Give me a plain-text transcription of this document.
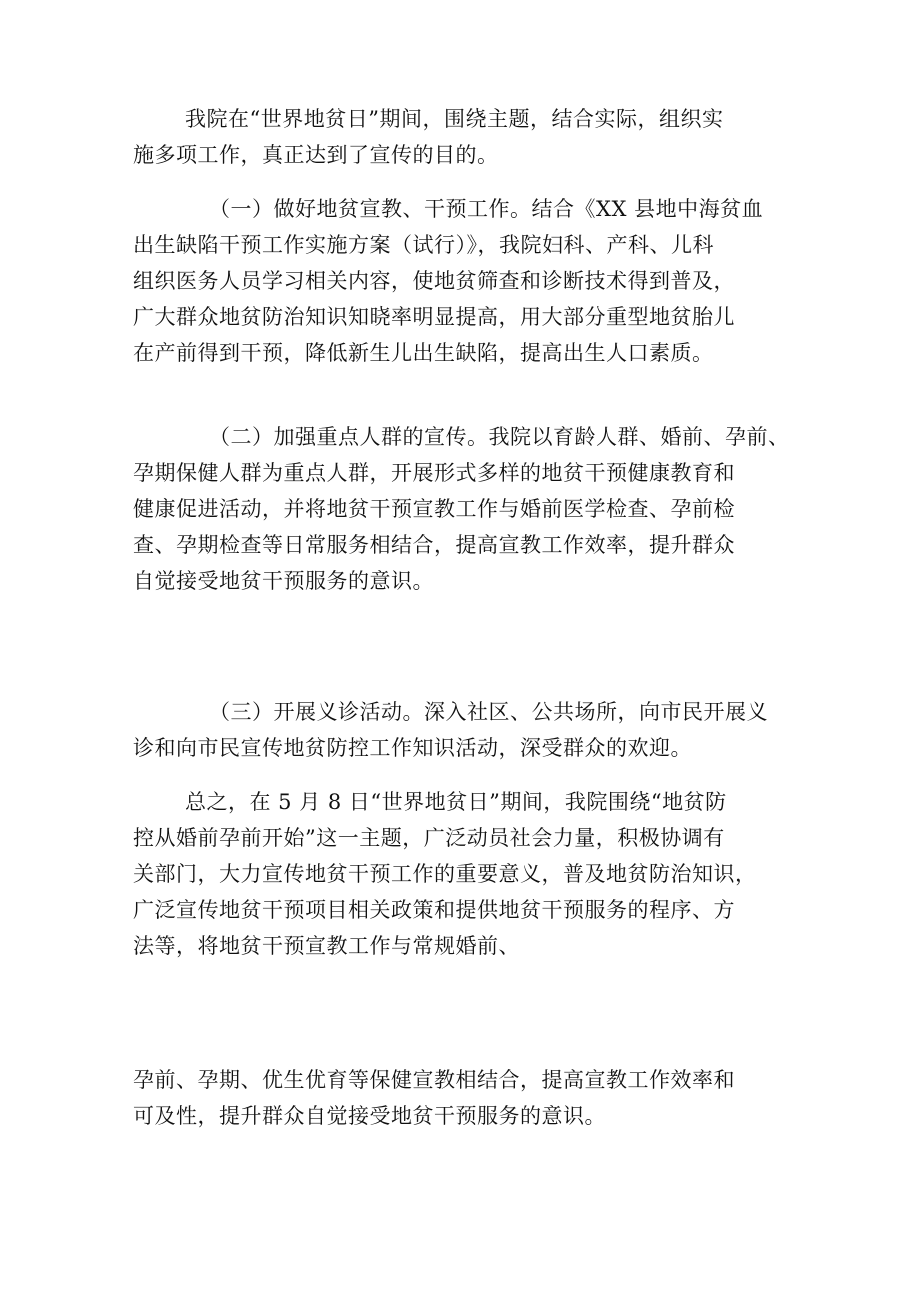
我院在“世界地贫日”期间，围绕主题，结合实际，组织实
施多项工作，真正达到了宣传的目的。

（一）做好地贫宣教、干预工作。结合《XX 县地中海贫血
出生缺陷干预工作实施方案（试行）》，我院妇科、产科、儿科
组织医务人员学习相关内容，使地贫筛查和诊断技术得到普及，
广大群众地贫防治知识知晓率明显提高，用大部分重型地贫胎儿
在产前得到干预，降低新生儿出生缺陷，提高出生人口素质。

（二）加强重点人群的宣传。我院以育龄人群、婚前、孕前、
孕期保健人群为重点人群，开展形式多样的地贫干预健康教育和
健康促进活动，并将地贫干预宣教工作与婚前医学检查、孕前检
查、孕期检查等日常服务相结合，提高宣教工作效率，提升群众
自觉接受地贫干预服务的意识。

（三）开展义诊活动。深入社区、公共场所，向市民开展义
诊和向市民宣传地贫防控工作知识活动，深受群众的欢迎。

总之，在 5 月 8 日“世界地贫日”期间，我院围绕“地贫防
控从婚前孕前开始”这一主题，广泛动员社会力量，积极协调有
关部门，大力宣传地贫干预工作的重要意义，普及地贫防治知识，
广泛宣传地贫干预项目相关政策和提供地贫干预服务的程序、方
法等，将地贫干预宣教工作与常规婚前、

孕前、孕期、优生优育等保健宣教相结合，提高宣教工作效率和
可及性，提升群众自觉接受地贫干预服务的意识。
